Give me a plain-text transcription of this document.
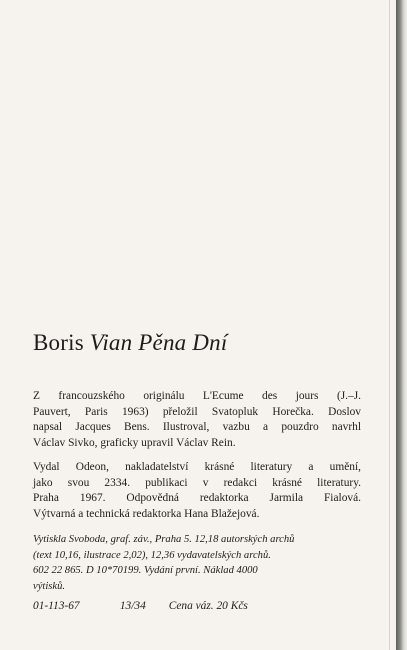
Boris Vian Pěna Dní

Z francouzského originálu L'Ecume des jours (J.–J.
Pauvert, Paris 1963) přeložil Svatopluk Horečka. Doslov
napsal Jacques Bens. Ilustroval, vazbu a pouzdro navrhl
Václav Sivko, graficky upravil Václav Rein.

Vydal Odeon, nakladatelství krásné literatury a umění,
jako svou 2334. publikaci v redakci krásné literatury.
Praha 1967. Odpovědná redaktorka Jarmila Fialová.
Výtvarná a technická redaktorka Hana Blažejová.

Vytiskla Svoboda, graf. záv., Praha 5. 12,18 autorských archů
(text 10,16, ilustrace 2,02), 12,36 vydavatelských archů.
602 22 865. D 10*70199. Vydání první. Náklad 4000
výtisků.
01-113-67	13/34 Cena váz. 20 Kčs
